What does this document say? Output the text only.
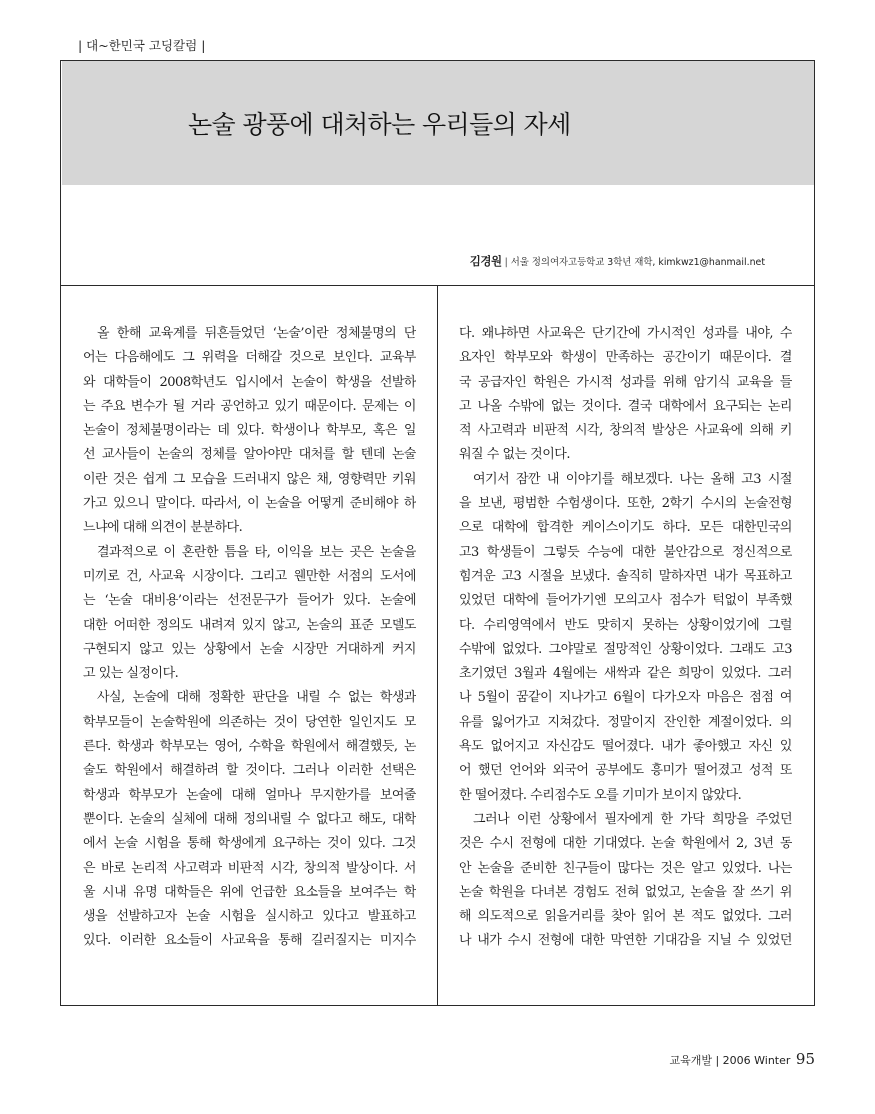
| 대~한민국 고딩칼럼 |
논술 광풍에 대처하는 우리들의 자세
김경원 | 서울 정의여자고등학교 3학년 재학, kimkwz1@hanmail.net
올 한해 교육계를 뒤흔들었던 ‘논술’이란 정체불명의 단
어는 다음해에도 그 위력을 더해갈 것으로 보인다. 교육부
와 대학들이 2008학년도 입시에서 논술이 학생을 선발하
는 주요 변수가 될 거라 공언하고 있기 때문이다. 문제는 이
논술이 정체불명이라는 데 있다. 학생이나 학부모, 혹은 일
선 교사들이 논술의 정체를 알아야만 대처를 할 텐데 논술
이란 것은 쉽게 그 모습을 드러내지 않은 채, 영향력만 키워
가고 있으니 말이다. 따라서, 이 논술을 어떻게 준비해야 하
느냐에 대해 의견이 분분하다.
결과적으로 이 혼란한 틈을 타, 이익을 보는 곳은 논술을
미끼로 건, 사교육 시장이다. 그리고 웬만한 서점의 도서에
는 ‘논술 대비용’이라는 선전문구가 들어가 있다. 논술에
대한 어떠한 정의도 내려져 있지 않고, 논술의 표준 모델도
구현되지 않고 있는 상황에서 논술 시장만 거대하게 커지
고 있는 실정이다.
사실, 논술에 대해 정확한 판단을 내릴 수 없는 학생과
학부모들이 논술학원에 의존하는 것이 당연한 일인지도 모
른다. 학생과 학부모는 영어, 수학을 학원에서 해결했듯, 논
술도 학원에서 해결하려 할 것이다. 그러나 이러한 선택은
학생과 학부모가 논술에 대해 얼마나 무지한가를 보여줄
뿐이다. 논술의 실체에 대해 정의내릴 수 없다고 해도, 대학
에서 논술 시험을 통해 학생에게 요구하는 것이 있다. 그것
은 바로 논리적 사고력과 비판적 시각, 창의적 발상이다. 서
울 시내 유명 대학들은 위에 언급한 요소들을 보여주는 학
생을 선발하고자 논술 시험을 실시하고 있다고 발표하고
있다. 이러한 요소들이 사교육을 통해 길러질지는 미지수
다. 왜냐하면 사교육은 단기간에 가시적인 성과를 내야, 수
요자인 학부모와 학생이 만족하는 공간이기 때문이다. 결
국 공급자인 학원은 가시적 성과를 위해 암기식 교육을 들
고 나올 수밖에 없는 것이다. 결국 대학에서 요구되는 논리
적 사고력과 비판적 시각, 창의적 발상은 사교육에 의해 키
워질 수 없는 것이다.
여기서 잠깐 내 이야기를 해보겠다. 나는 올해 고3 시절
을 보낸, 평범한 수험생이다. 또한, 2학기 수시의 논술전형
으로 대학에 합격한 케이스이기도 하다. 모든 대한민국의
고3 학생들이 그렇듯 수능에 대한 불안감으로 정신적으로
힘겨운 고3 시절을 보냈다. 솔직히 말하자면 내가 목표하고
있었던 대학에 들어가기엔 모의고사 점수가 턱없이 부족했
다. 수리영역에서 반도 맞히지 못하는 상황이었기에 그럴
수밖에 없었다. 그야말로 절망적인 상황이었다. 그래도 고3
초기였던 3월과 4월에는 새싹과 같은 희망이 있었다. 그러
나 5월이 꿈같이 지나가고 6월이 다가오자 마음은 점점 여
유를 잃어가고 지쳐갔다. 정말이지 잔인한 계절이었다. 의
욕도 없어지고 자신감도 떨어졌다. 내가 좋아했고 자신 있
어 했던 언어와 외국어 공부에도 흥미가 떨어졌고 성적 또
한 떨어졌다. 수리점수도 오를 기미가 보이지 않았다.
그러나 이런 상황에서 필자에게 한 가닥 희망을 주었던
것은 수시 전형에 대한 기대였다. 논술 학원에서 2, 3년 동
안 논술을 준비한 친구들이 많다는 것은 알고 있었다. 나는
논술 학원을 다녀본 경험도 전혀 없었고, 논술을 잘 쓰기 위
해 의도적으로 읽을거리를 찾아 읽어 본 적도 없었다. 그러
나 내가 수시 전형에 대한 막연한 기대감을 지닐 수 있었던
교육개발 | 2006 Winter 95
